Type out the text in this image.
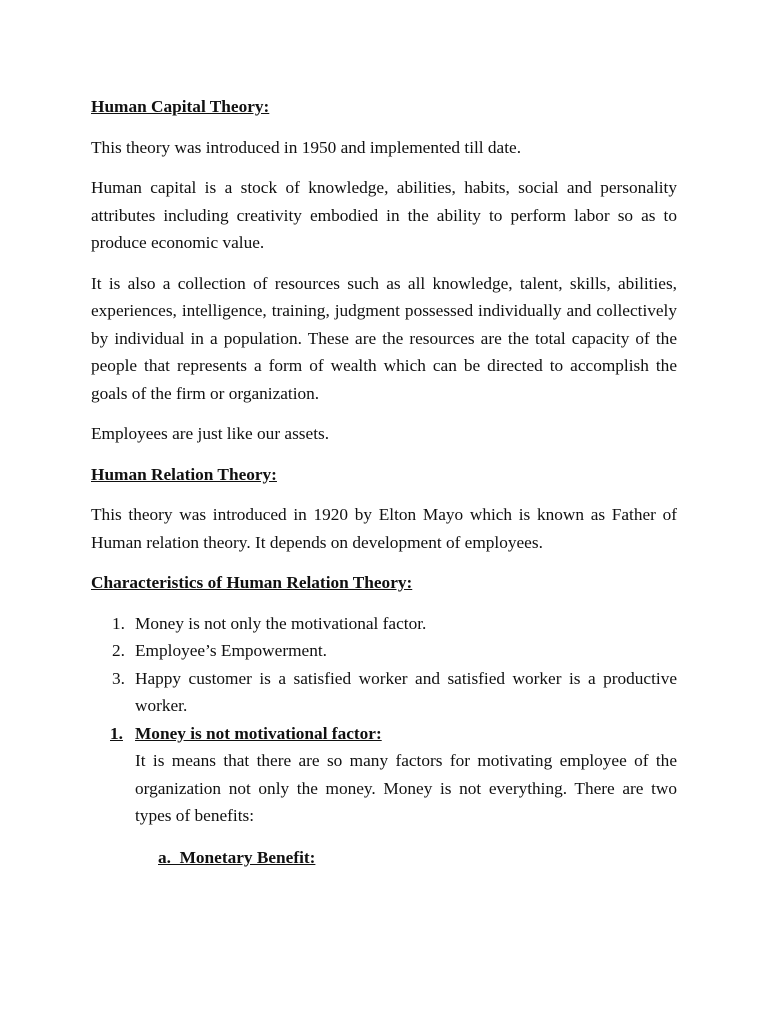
Human Capital Theory:

This theory was introduced in 1950 and implemented till date.

Human capital is a stock of knowledge, abilities, habits, social and personality attributes including creativity embodied in the ability to perform labor so as to produce economic value.

It is also a collection of resources such as all knowledge, talent, skills, abilities, experiences, intelligence, training, judgment possessed individually and collectively by individual in a population. These are the resources are the total capacity of the people that represents a form of wealth which can be directed to accomplish the goals of the firm or organization.

Employees are just like our assets.

Human Relation Theory:

This theory was introduced in 1920 by Elton Mayo which is known as Father of Human relation theory. It depends on development of employees.

Characteristics of Human Relation Theory:
1. Money is not only the motivational factor.
2. Employee’s Empowerment.
3. Happy customer is a satisfied worker and satisfied worker is a productive worker.
1. Money is not motivational factor:

It is means that there are so many factors for motivating employee of the organization not only the money. Money is not everything. There are two types of benefits:

a.  Monetary Benefit:
